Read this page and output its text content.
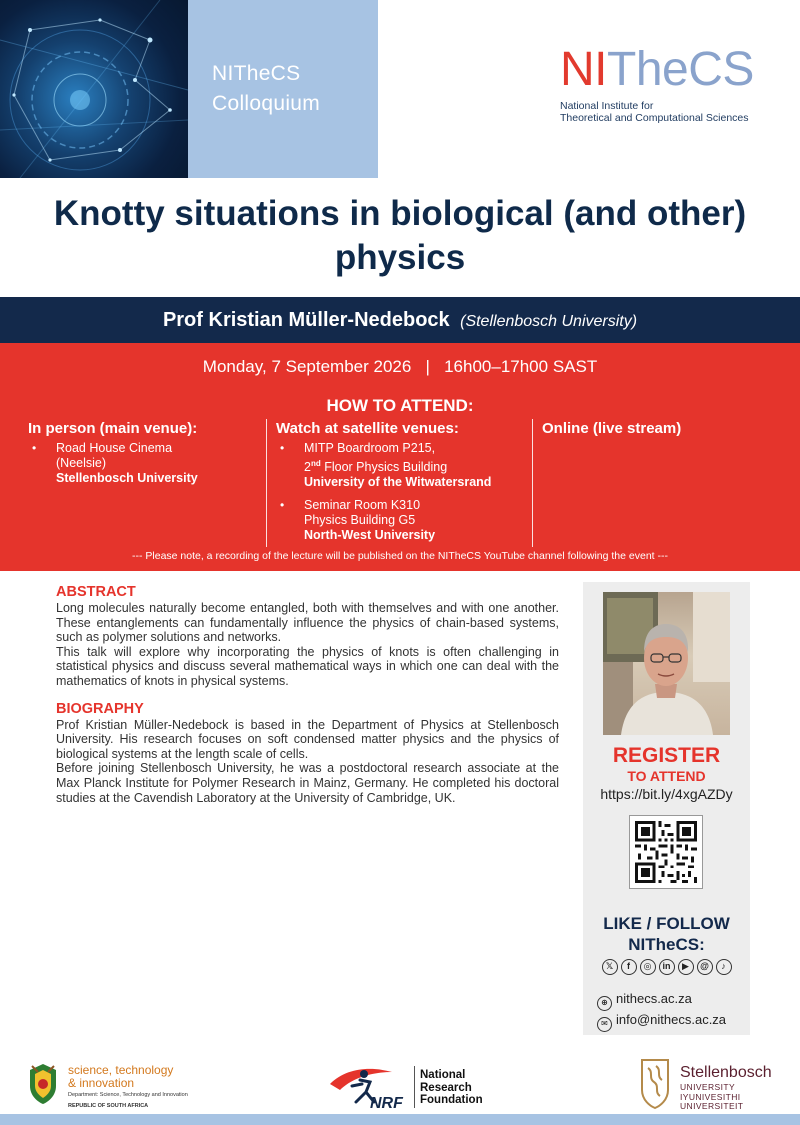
NITheCS
Colloquium
NITheCS
National Institute for
Theoretical and Computational Sciences
Knotty situations in biological (and other)
physics
Prof Kristian Müller-Nedebock (Stellenbosch University)
Monday, 7 September 2026 | 16h00–17h00 SAST
HOW TO ATTEND:
In person (main venue):
• Road House Cinema
(Neelsie)
Stellenbosch University
Watch at satellite venues:
• MITP Boardroom P215,
2nd Floor Physics Building
University of the Witwatersrand
• Seminar Room K310
Physics Building G5
North-West University
Online (live stream)
--- Please note, a recording of the lecture will be published on the NITheCS YouTube channel following the event ---
ABSTRACT

Long molecules naturally become entangled, both with themselves and with one another. These entanglements can fundamentally influence the physics of chain-based systems, such as polymer solutions and networks.

This talk will explore why incorporating the physics of knots is often challenging in statistical physics and discuss several mathematical ways in which one can deal with the mathematics of knots in physical systems.

BIOGRAPHY

Prof Kristian Müller-Nedebock is based in the Department of Physics at Stellenbosch University. His research focuses on soft condensed matter physics and the physics of biological systems at the length scale of cells.

Before joining Stellenbosch University, he was a postdoctoral research associate at the Max Planck Institute for Polymer Research in Mainz, Germany. He completed his doctoral studies at the Cavendish Laboratory at the University of Cambridge, UK.

REGISTER
TO ATTEND
https://bit.ly/4xgAZDy
LIKE / FOLLOW
NITheCS:
𝕏	f	◎	in	▶	@	♪
⊕ nithecs.ac.za
✉ info@nithecs.ac.za
science, technology
& innovation
Department: Science, Technology and Innovation
REPUBLIC OF SOUTH AFRICA	NRF
National
Research
Foundation
Stellenbosch
UNIVERSITY
IYUNIVESITHI
UNIVERSITEIT
